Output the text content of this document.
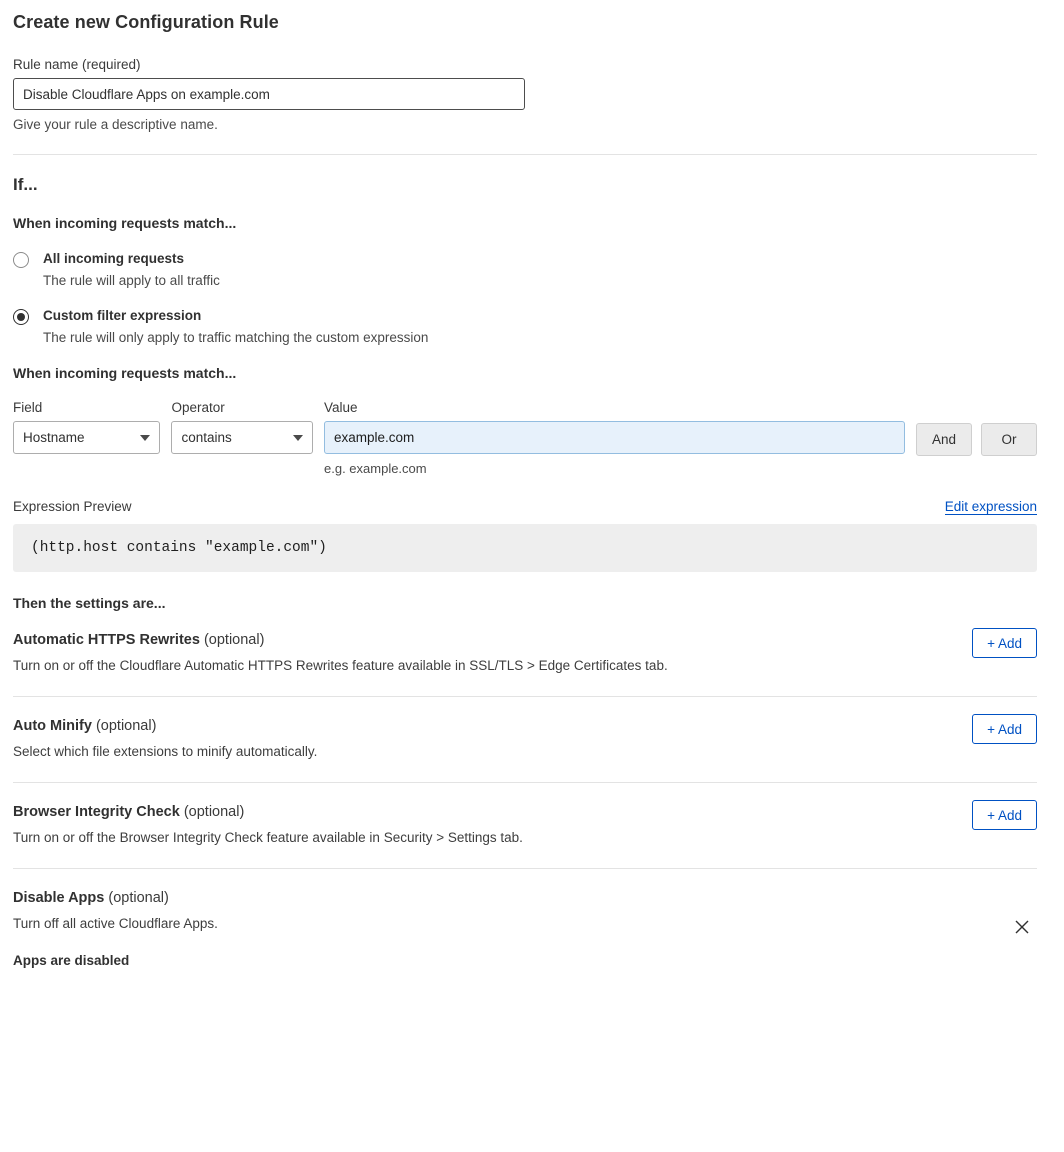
Create new Configuration Rule
Rule name (required)
Disable Cloudflare Apps on example.com
Give your rule a descriptive name.
If...
When incoming requests match...
All incoming requests
The rule will apply to all traffic
Custom filter expression
The rule will only apply to traffic matching the custom expression
When incoming requests match...
Field
Hostname
Operator
contains
Value
example.com
e.g. example.com
And	Or
Expression Preview	Edit expression
(http.host contains "example.com")
Then the settings are...
Automatic HTTPS Rewrites (optional)
Turn on or off the Cloudflare Automatic HTTPS Rewrites feature available in SSL/TLS > Edge Certificates tab.
+ Add
Auto Minify (optional)
Select which file extensions to minify automatically.
+ Add
Browser Integrity Check (optional)
Turn on or off the Browser Integrity Check feature available in Security > Settings tab.
+ Add
Disable Apps (optional)
Turn off all active Cloudflare Apps.
Apps are disabled
